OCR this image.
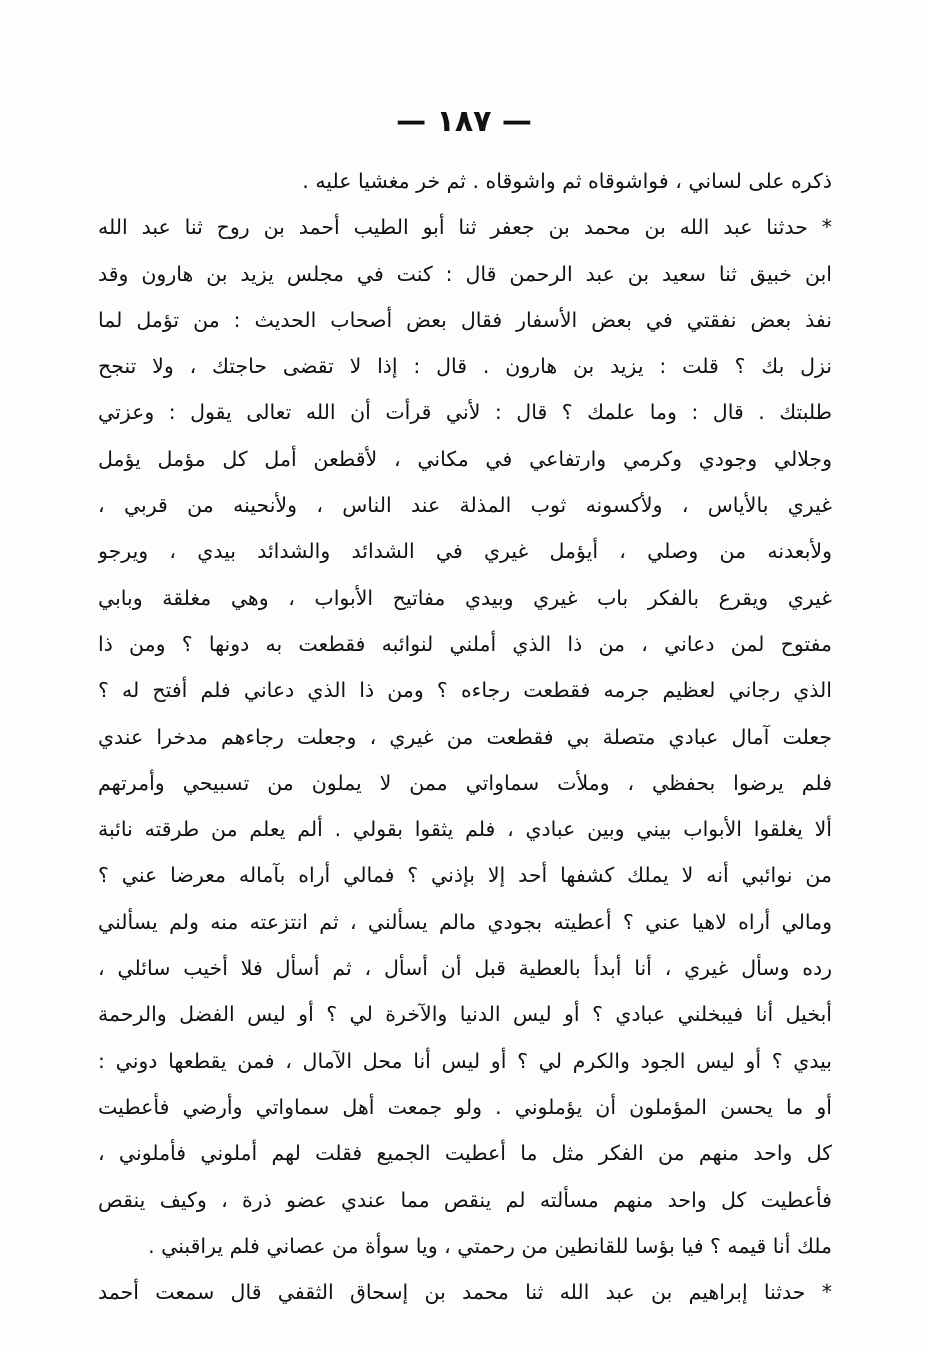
— ١٨٧ —
ذكره على لساني ، فواشوقاه ثم واشوقاه . ثم خر مغشيا عليه .
* حدثنا عبد الله بن محمد بن جعفر ثنا أبو الطيب أحمد بن روح ثنا عبد الله
ابن خبيق ثنا سعيد بن عبد الرحمن قال : كنت في مجلس يزيد بن هارون وقد
نفذ بعض نفقتي في بعض الأسفار فقال بعض أصحاب الحديث : من تؤمل لما
نزل بك ؟ قلت : يزيد بن هارون . قال : إذا لا تقضى حاجتك ، ولا تنجح
طلبتك . قال : وما علمك ؟ قال : لأني قرأت أن الله تعالى يقول : وعزتي
وجلالي وجودي وكرمي وارتفاعي في مكاني ، لأقطعن أمل كل مؤمل يؤمل
غيري بالأياس ، ولأكسونه ثوب المذلة عند الناس ، ولأنحينه من قربي ،
ولأبعدنه من وصلي ، أيؤمل غيري في الشدائد والشدائد بيدي ، ويرجو
غيري ويقرع بالفكر باب غيري وبيدي مفاتيح الأبواب ، وهي مغلقة وبابي
مفتوح لمن دعاني ، من ذا الذي أملني لنوائبه فقطعت به دونها ؟ ومن ذا
الذي رجاني لعظيم جرمه فقطعت رجاءه ؟ ومن ذا الذي دعاني فلم أفتح له ؟
جعلت آمال عبادي متصلة بي فقطعت من غيري ، وجعلت رجاءهم مدخرا عندي
فلم يرضوا بحفظي ، وملأت سماواتي ممن لا يملون من تسبيحي وأمرتهم
ألا يغلقوا الأبواب بيني وبين عبادي ، فلم يثقوا بقولي . ألم يعلم من طرقته نائبة
من نوائبي أنه لا يملك كشفها أحد إلا بإذني ؟ فمالي أراه بآماله معرضا عني ؟
ومالي أراه لاهيا عني ؟ أعطيته بجودي مالم يسألني ، ثم انتزعته منه ولم يسألني
رده وسأل غيري ، أنا أبدأ بالعطية قبل أن أسأل ، ثم أسأل فلا أخيب سائلي ،
أبخيل أنا فيبخلني عبادي ؟ أو ليس الدنيا والآخرة لي ؟ أو ليس الفضل والرحمة
بيدي ؟ أو ليس الجود والكرم لي ؟ أو ليس أنا محل الآمال ، فمن يقطعها دوني :
أو ما يحسن المؤملون أن يؤملوني . ولو جمعت أهل سماواتي وأرضي فأعطيت
كل واحد منهم من الفكر مثل ما أعطيت الجميع فقلت لهم أملوني فأملوني ،
فأعطيت كل واحد منهم مسألته لم ينقص مما عندي عضو ذرة ، وكيف ينقص
ملك أنا قيمه ؟ فيا بؤسا للقانطين من رحمتي ، ويا سوأة من عصاني فلم يراقبني .
* حدثنا إبراهيم بن عبد الله ثنا محمد بن إسحاق الثقفي قال سمعت أحمد
